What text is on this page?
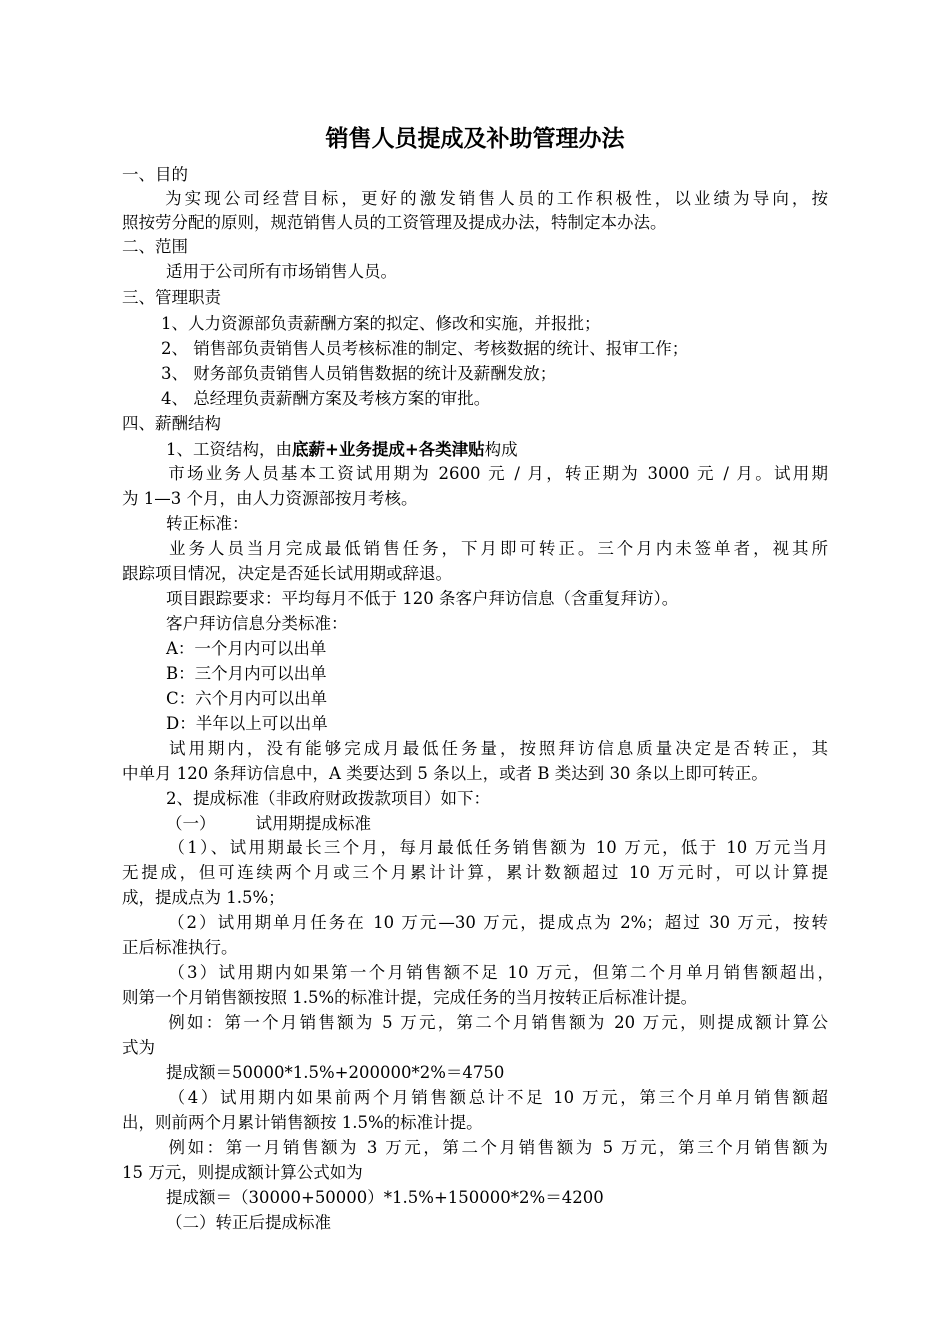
销售人员提成及补助管理办法
一、目的
为实现公司经营目标，更好的激发销售人员的工作积极性，以业绩为导向，按
照按劳分配的原则，规范销售人员的工资管理及提成办法，特制定本办法。
二、范围
适用于公司所有市场销售人员。
三、管理职责
1、人力资源部负责薪酬方案的拟定、修改和实施，并报批；
2、 销售部负责销售人员考核标准的制定、考核数据的统计、报审工作；
3、 财务部负责销售人员销售数据的统计及薪酬发放；
4、 总经理负责薪酬方案及考核方案的审批。
四、薪酬结构
1、工资结构，由底薪+业务提成+各类津贴构成
市场业务人员基本工资试用期为 2600 元 / 月，转正期为 3000 元 / 月。试用期
为 1—3 个月，由人力资源部按月考核。
转正标准：
业务人员当月完成最低销售任务，下月即可转正。三个月内未签单者，视其所
跟踪项目情况，决定是否延长试用期或辞退。
项目跟踪要求：平均每月不低于 120 条客户拜访信息（含重复拜访）。
客户拜访信息分类标准：
A：一个月内可以出单
B：三个月内可以出单
C：六个月内可以出单
D：半年以上可以出单
试用期内，没有能够完成月最低任务量，按照拜访信息质量决定是否转正，其
中单月 120 条拜访信息中，A 类要达到 5 条以上，或者 B 类达到 30 条以上即可转正。
2、提成标准（非政府财政拨款项目）如下：
（一） 试用期提成标准
（1）、试用期最长三个月，每月最低任务销售额为 10 万元，低于 10 万元当月
无提成，但可连续两个月或三个月累计计算，累计数额超过 10 万元时，可以计算提
成，提成点为 1.5%；
（2）试用期单月任务在 10 万元—30 万元，提成点为 2%；超过 30 万元，按转
正后标准执行。
（3）试用期内如果第一个月销售额不足 10 万元，但第二个月单月销售额超出，
则第一个月销售额按照 1.5%的标准计提，完成任务的当月按转正后标准计提。
例如：第一个月销售额为 5 万元，第二个月销售额为 20 万元，则提成额计算公
式为
提成额＝50000*1.5%+200000*2%＝4750
（4）试用期内如果前两个月销售额总计不足 10 万元，第三个月单月销售额超
出，则前两个月累计销售额按 1.5%的标准计提。
例如：第一月销售额为 3 万元，第二个月销售额为 5 万元，第三个月销售额为
15 万元，则提成额计算公式如为
提成额＝（30000+50000）*1.5%+150000*2%＝4200
（二）转正后提成标准
